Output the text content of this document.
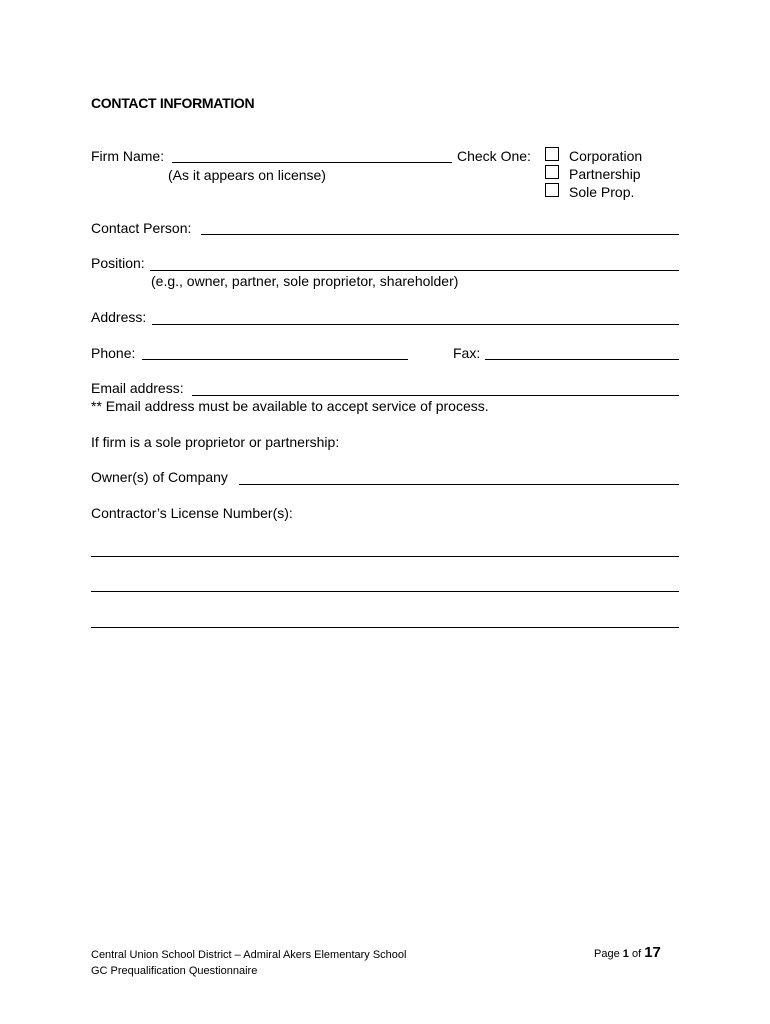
CONTACT INFORMATION
Firm Name:
(As it appears on license)
Check One:	Corporation
Partnership
Sole Prop.
Contact Person:
Position:
(e.g., owner, partner, sole proprietor, shareholder)
Address:
Phone:	Fax:
Email address:
** Email address must be available to accept service of process.
If firm is a sole proprietor or partnership:
Owner(s) of Company
Contractor’s License Number(s):
Central Union School District – Admiral Akers Elementary School
GC Prequalification Questionnaire
Page 1 of 17
